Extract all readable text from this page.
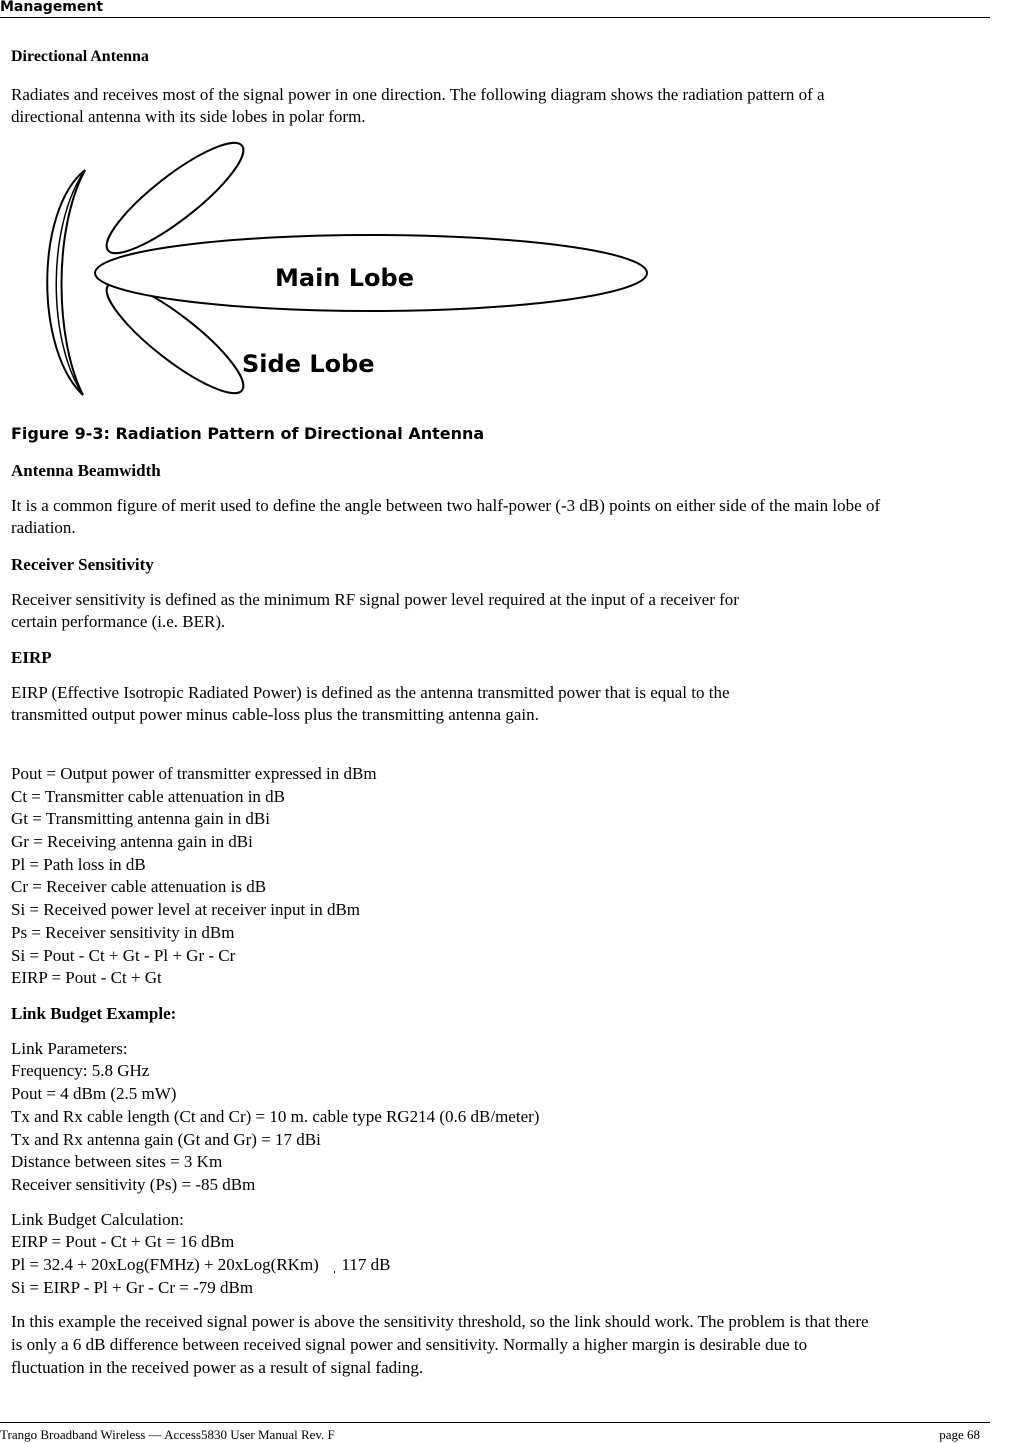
Management

Directional Antenna

Radiates and receives most of the signal power in one direction. The following diagram shows the radiation pattern of a

directional antenna with its side lobes in polar form.

Main Lobe
Side Lobe
Figure 9-3: Radiation Pattern of Directional Antenna

Antenna Beamwidth

It is a common figure of merit used to define the angle between two half-power (-3 dB) points on either side of the main lobe of

radiation.

Receiver Sensitivity

Receiver sensitivity is defined as the minimum RF signal power level required at the input of a receiver for

certain performance (i.e. BER).

EIRP

EIRP (Effective Isotropic Radiated Power) is defined as the antenna transmitted power that is equal to the

transmitted output power minus cable-loss plus the transmitting antenna gain.

Pout = Output power of transmitter expressed in dBm
Ct = Transmitter cable attenuation in dB
Gt = Transmitting antenna gain in dBi
Gr = Receiving antenna gain in dBi
Pl = Path loss in dB
Cr = Receiver cable attenuation is dB
Si = Received power level at receiver input in dBm
Ps = Receiver sensitivity in dBm
Si = Pout - Ct + Gt - Pl + Gr - Cr
EIRP = Pout - Ct + Gt

Link Budget Example:

Link Parameters:

Frequency: 5.8 GHz

Pout = 4 dBm (2.5 mW)

Tx and Rx cable length (Ct and Cr) = 10 m. cable type RG214 (0.6 dB/meter)

Tx and Rx antenna gain (Gt and Gr) = 17 dBi

Distance between sites = 3 Km

Receiver sensitivity (Ps) = -85 dBm

Link Budget Calculation:

EIRP = Pout - Ct + Gt = 16 dBm

Pl = 32.4 + 20xLog(FMHz) + 20xLog(RKm)   ˌ 117 dB

Si = EIRP - Pl + Gr - Cr = -79 dBm

In this example the received signal power is above the sensitivity threshold, so the link should work. The problem is that there

is only a 6 dB difference between received signal power and sensitivity. Normally a higher margin is desirable due to

fluctuation in the received power as a result of signal fading.

Trango Broadband Wireless — Access5830 User Manual Rev. F	page 68
